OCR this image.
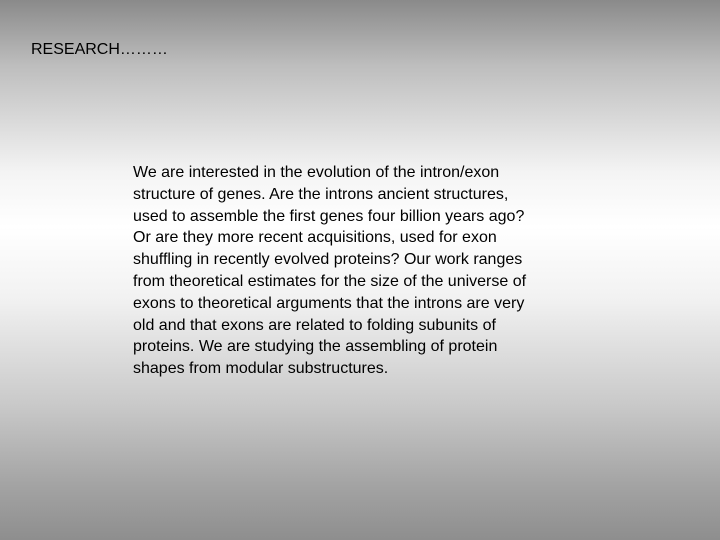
RESEARCH………

We are interested in the evolution of the intron/exon
structure of genes. Are the introns ancient structures,
used to assemble the first genes four billion years ago?
Or are they more recent acquisitions, used for exon
shuffling in recently evolved proteins? Our work ranges
from theoretical estimates for the size of the universe of
exons to theoretical arguments that the introns are very
old and that exons are related to folding subunits of
proteins. We are studying the assembling of protein
shapes from modular substructures.
